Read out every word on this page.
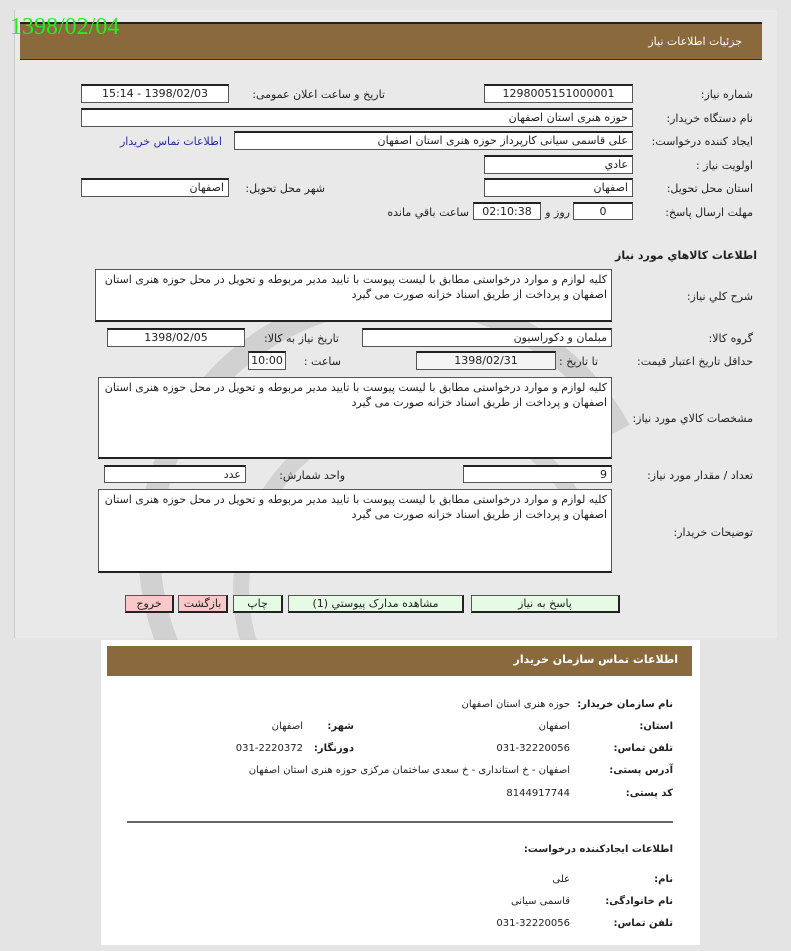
جزئیات اطلاعات نیاز
1398/02/04
شماره نیاز:
1298005151000001
تاریخ و ساعت اعلان عمومی:
1398/02/03 - 15:14
نام دستگاه خریدار:
حوزه هنری استان اصفهان
ایجاد کننده درخواست:
علی قاسمی سیانی کارپرداز حوزه هنری استان اصفهان
اطلاعات تماس خریدار
اولویت نیاز :
عادي
استان محل تحویل:
اصفهان
شهر محل تحویل:
اصفهان
مهلت ارسال پاسخ:
0
روز و
02:10:38
ساعت باقي مانده
اطلاعات کالاهاي مورد نياز
شرح کلي نياز:
کلیه لوازم و موارد درخواستی مطابق با لیست پیوست با تایید مدیر مربوطه و تحویل در محل حوزه هنری استان اصفهان و پرداخت از طریق اسناد خزانه صورت می گیرد
گروه کالا:
مبلمان و دکوراسیون
تاریخ نیاز به کالا:
1398/02/05
حداقل تاریخ اعتبار قیمت:
تا تاریخ :
1398/02/31
ساعت :
10:00
مشخصات کالاي مورد نياز:
کلیه لوازم و موارد درخواستی مطابق با لیست پیوست با تایید مدیر مربوطه و تحویل در محل حوزه هنری استان اصفهان و پرداخت از طریق اسناد خزانه صورت می گیرد
تعداد / مقدار مورد نياز:
9
واحد شمارش:
عدد
توضيحات خريدار:
کلیه لوازم و موارد درخواستی مطابق با لیست پیوست با تایید مدیر مربوطه و تحویل در محل حوزه هنری استان اصفهان و پرداخت از طریق اسناد خزانه صورت می گیرد
پاسخ به نياز
مشاهده مدارک پيوستي (1)
چاپ
بازگشت
خروج
اطلاعات تماس سازمان خریدار
نام سازمان خریدار:
حوزه هنری استان اصفهان
استان:
اصفهان
شهر:
اصفهان
تلفن تماس:
031-32220056
دورنگار:
031-2220372
آدرس پستی:
اصفهان - خ استانداری - خ سعدی ساختمان مرکزی حوزه هنری استان اصفهان
کد پستی:
8144917744
اطلاعات ایجادکننده درخواست:
نام:
علی
نام خانوادگی:
قاسمی سیانی
تلفن تماس:
031-32220056
